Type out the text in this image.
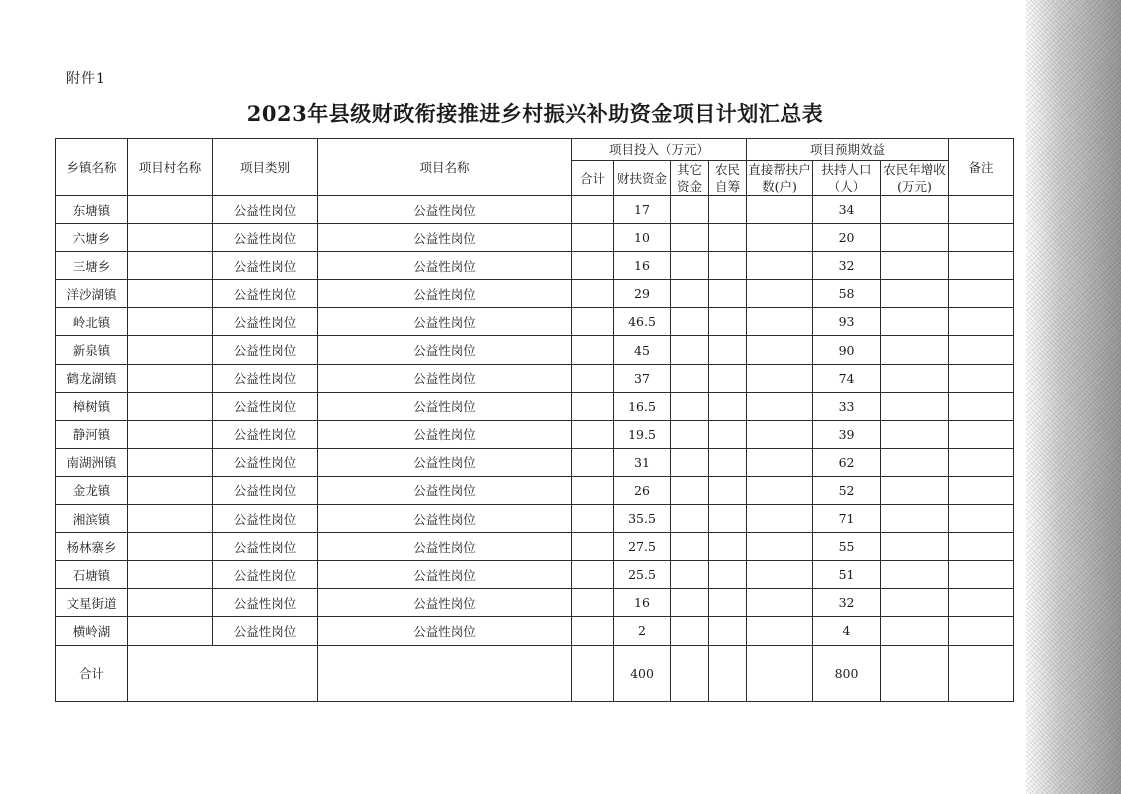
附件1
2023年县级财政衔接推进乡村振兴补助资金项目计划汇总表
乡镇名称	项目村名称	项目类别	项目名称	项目投入（万元）				项目预期效益			备注
				合计	财扶资金	其它资金	农民自筹	直接帮扶户数(户)	扶持人口（人）	农民年增收(万元)	
东塘镇		公益性岗位	公益性岗位		17				34		
六塘乡		公益性岗位	公益性岗位		10				20		
三塘乡		公益性岗位	公益性岗位		16				32		
洋沙湖镇		公益性岗位	公益性岗位		29				58		
岭北镇		公益性岗位	公益性岗位		46.5				93		
新泉镇		公益性岗位	公益性岗位		45				90		
鹤龙湖镇		公益性岗位	公益性岗位		37				74		
樟树镇		公益性岗位	公益性岗位		16.5				33		
静河镇		公益性岗位	公益性岗位		19.5				39		
南湖洲镇		公益性岗位	公益性岗位		31				62		
金龙镇		公益性岗位	公益性岗位		26				52		
湘滨镇		公益性岗位	公益性岗位		35.5				71		
杨林寨乡		公益性岗位	公益性岗位		27.5				55		
石塘镇		公益性岗位	公益性岗位		25.5				51		
文星街道		公益性岗位	公益性岗位		16				32		
横岭湖		公益性岗位	公益性岗位		2				4		
合计					400				800		
